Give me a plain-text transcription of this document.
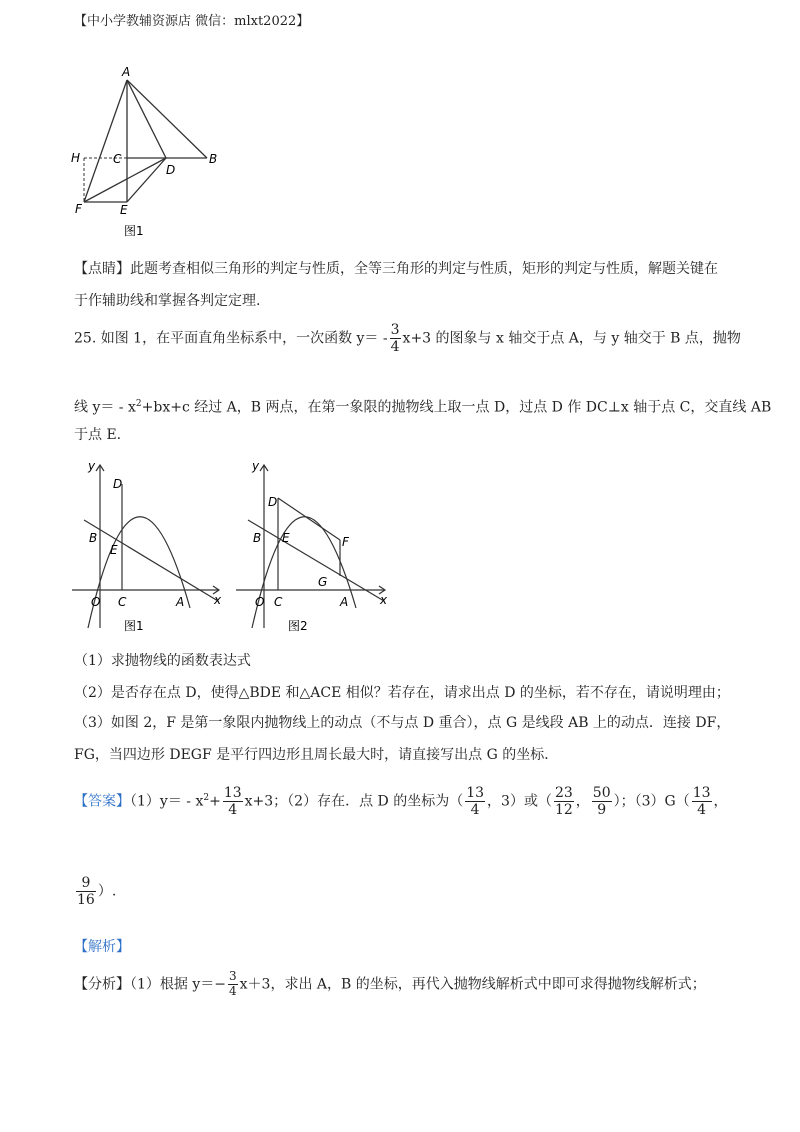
【中小学教辅资源店 微信：mlxt2022】
A
H	C
D
B
F	E
图1
【点睛】此题考查相似三角形的判定与性质，全等三角形的判定与性质，矩形的判定与性质，解题关键在
于作辅助线和掌握各判定定理.
25. 如图 1，在平面直角坐标系中，一次函数 $y= - \frac{3}{4} x+3$ 的图象与 x 轴交于点 A，与 y 轴交于 B 点，抛物
线 $y= - x^2+bx+c$ 经过 A，B 两点，在第一象限的抛物线上取一点 D，过点 D 作 DC⊥x 轴于点 C，交直线 AB
于点 E.
y
D
B
E
O C	A x
图1
y
D
B E	F
G
O C	A	x
图2
（1）求抛物线的函数表达式
（2）是否存在点 D，使得△BDE 和△ACE 相似？若存在，请求出点 D 的坐标，若不存在，请说明理由；
（3）如图 2，F 是第一象限内抛物线上的动点（不与点 D 重合），点 G 是线段 AB 上的动点．连接 DF，
FG，当四边形 DEGF 是平行四边形且周长最大时，请直接写出点 G 的坐标．
【答案】$(1)y= - x^2+ \frac{13}{4} x+3$；（2）存在．点 D 的坐标为（ $\frac{13}{4}$ ，3）或（ $\frac{23}{12}$ ， $\frac{50}{9}$ ）；$(3)G( \frac{13}{4}$ ，
$\frac{9}{16}$ ）.
【解析】
【分析】（1）根据 $y=- \frac{3}{4} x+3$，求出 A，B 的坐标，再代入抛物线解析式中即可求得抛物线解析式；
